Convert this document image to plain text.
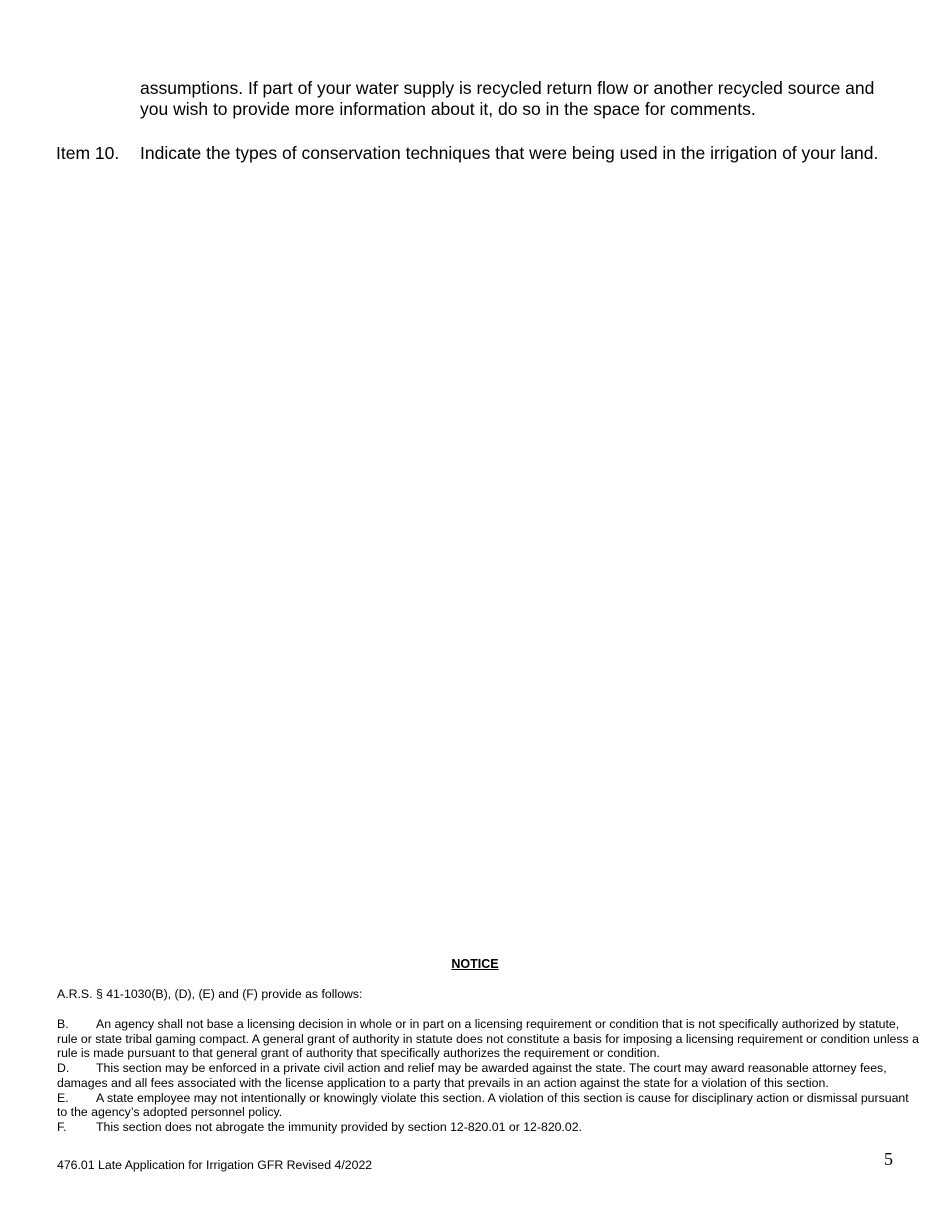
assumptions. If part of your water supply is recycled return flow or another recycled source and you wish to provide more information about it, do so in the space for comments.
Item 10.	Indicate the types of conservation techniques that were being used in the irrigation of your land.
NOTICE
A.R.S. § 41-1030(B), (D), (E) and (F) provide as follows:

B. An agency shall not base a licensing decision in whole or in part on a licensing requirement or condition that is not specifically authorized by statute, rule or state tribal gaming compact. A general grant of authority in statute does not constitute a basis for imposing a licensing requirement or condition unless a rule is made pursuant to that general grant of authority that specifically authorizes the requirement or condition.

D. This section may be enforced in a private civil action and relief may be awarded against the state. The court may award reasonable attorney fees, damages and all fees associated with the license application to a party that prevails in an action against the state for a violation of this section.

E. A state employee may not intentionally or knowingly violate this section. A violation of this section is cause for disciplinary action or dismissal pursuant to the agency’s adopted personnel policy.

F. This section does not abrogate the immunity provided by section 12-820.01 or 12-820.02.

476.01 Late Application for Irrigation GFR Revised 4/2022	5
